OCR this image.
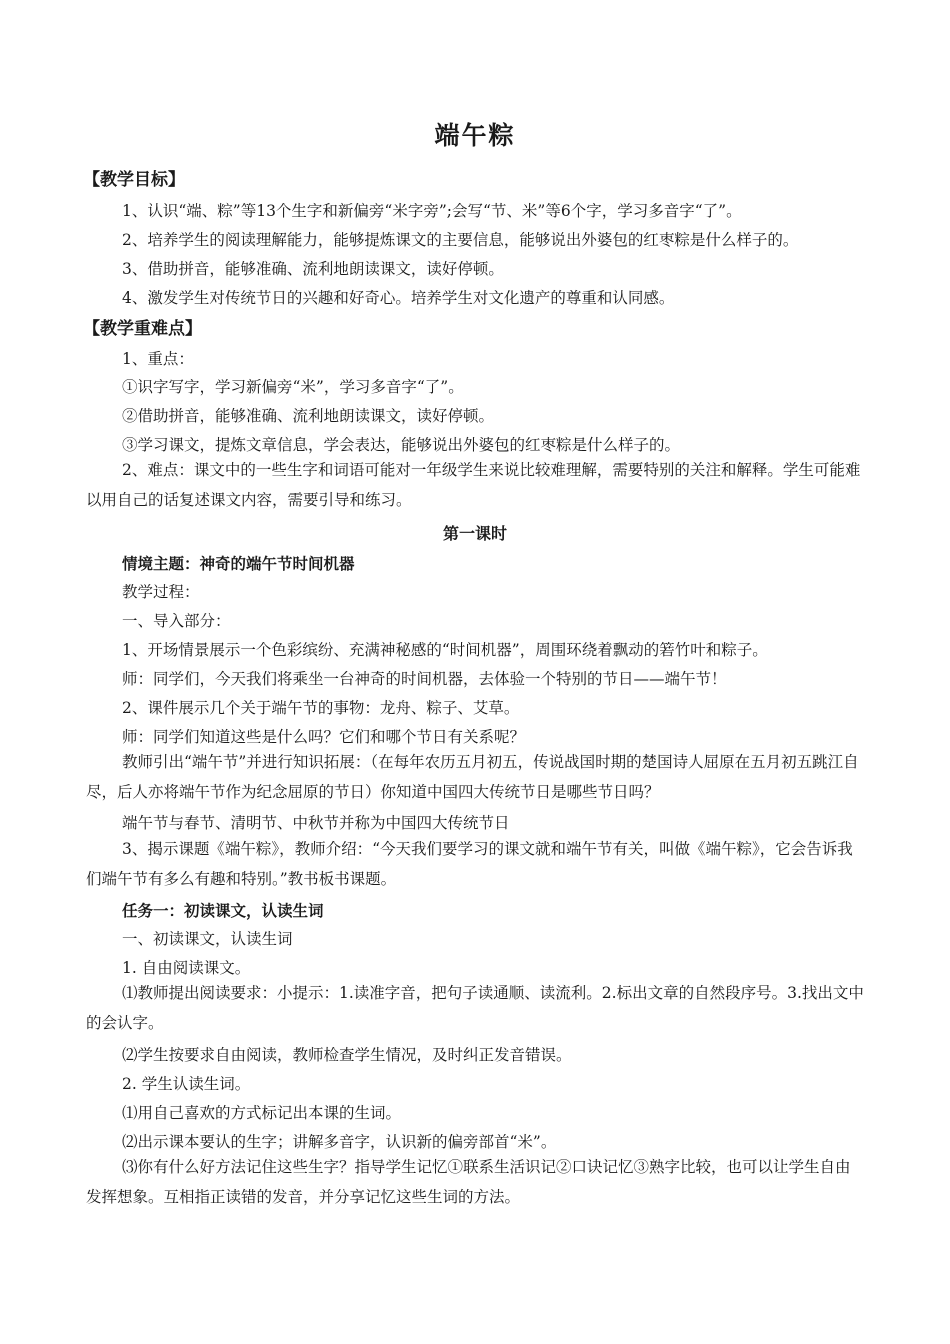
端午粽
【教学目标】
1、认识“端、粽”等13个生字和新偏旁“米字旁”;会写“节、米”等6个字，学习多音字“了”。
2、培养学生的阅读理解能力，能够提炼课文的主要信息，能够说出外婆包的红枣粽是什么样子的。
3、借助拼音，能够准确、流利地朗读课文，读好停顿。
4、激发学生对传统节日的兴趣和好奇心。培养学生对文化遗产的尊重和认同感。
【教学重难点】
1、重点：
①识字写字，学习新偏旁“米”，学习多音字“了”。
②借助拼音，能够准确、流利地朗读课文，读好停顿。
③学习课文，提炼文章信息，学会表达，能够说出外婆包的红枣粽是什么样子的。
2、难点：课文中的一些生字和词语可能对一年级学生来说比较难理解，需要特别的关注和解释。学生可能难以用自己的话复述课文内容，需要引导和练习。
第一课时
情境主题：神奇的端午节时间机器
教学过程：
一、导入部分：
1、开场情景展示一个色彩缤纷、充满神秘感的“时间机器”，周围环绕着飘动的箬竹叶和粽子。
师：同学们，今天我们将乘坐一台神奇的时间机器，去体验一个特别的节日——端午节！
2、课件展示几个关于端午节的事物：龙舟、粽子、艾草。
师：同学们知道这些是什么吗？它们和哪个节日有关系呢？
教师引出“端午节”并进行知识拓展：（在每年农历五月初五，传说战国时期的楚国诗人屈原在五月初五跳江自尽，后人亦将端午节作为纪念屈原的节日）你知道中国四大传统节日是哪些节日吗？
端午节与春节、清明节、中秋节并称为中国四大传统节日
3、揭示课题《端午粽》，教师介绍：“今天我们要学习的课文就和端午节有关，叫做《端午粽》，它会告诉我们端午节有多么有趣和特别。”教书板书课题。
任务一：初读课文，认读生词
一、初读课文，认读生词
1. 自由阅读课文。
⑴教师提出阅读要求：小提示：1.读准字音，把句子读通顺、读流利。2.标出文章的自然段序号。3.找出文中的会认字。
⑵学生按要求自由阅读，教师检查学生情况，及时纠正发音错误。
2. 学生认读生词。
⑴用自己喜欢的方式标记出本课的生词。
⑵出示课本要认的生字；讲解多音字，认识新的偏旁部首“米”。
⑶你有什么好方法记住这些生字？指导学生记忆①联系生活识记②口诀记忆③熟字比较，也可以让学生自由发挥想象。互相指正读错的发音，并分享记忆这些生词的方法。
